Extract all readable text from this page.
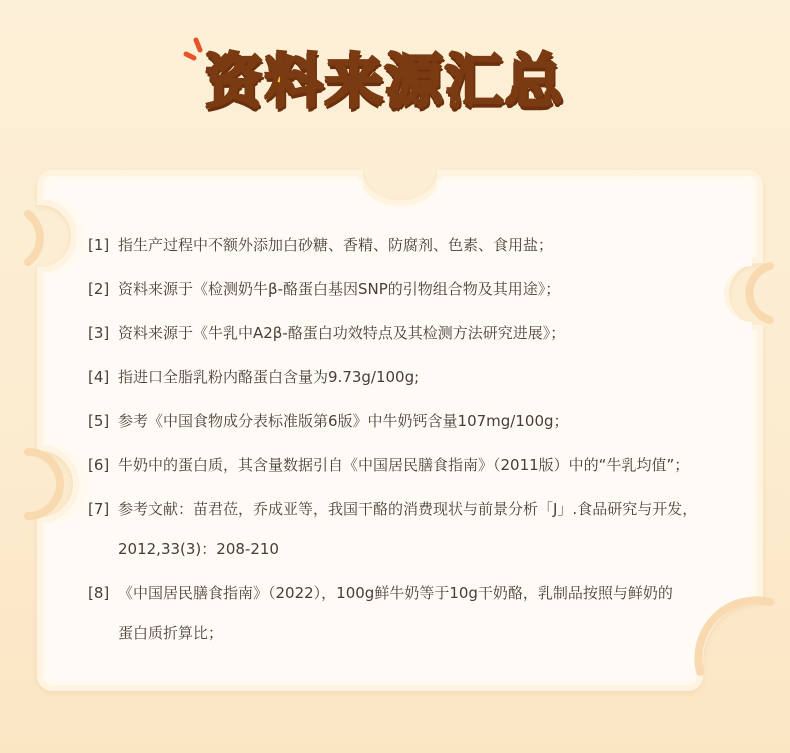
资料来源汇总
[1] 指生产过程中不额外添加白砂糖、香精、防腐剂、色素、食用盐；
[2] 资料来源于《检测奶牛β-酪蛋白基因SNP的引物组合物及其用途》；
[3] 资料来源于《牛乳中A2β-酪蛋白功效特点及其检测方法研究进展》；
[4] 指进口全脂乳粉内酪蛋白含量为9.73g/100g;
[5] 参考《中国食物成分表标准版第6版》中牛奶钙含量107mg/100g；
[6] 牛奶中的蛋白质，其含量数据引自《中国居民膳食指南》（2011版）中的“牛乳均值”；
[7] 参考文献：苗君莅，乔成亚等，我国干酪的消费现状与前景分析「J」.食品研究与开发，
2012,33(3)：208-210
[8] 《中国居民膳食指南》（2022），100g鲜牛奶等于10g干奶酪，乳制品按照与鲜奶的
蛋白质折算比；
